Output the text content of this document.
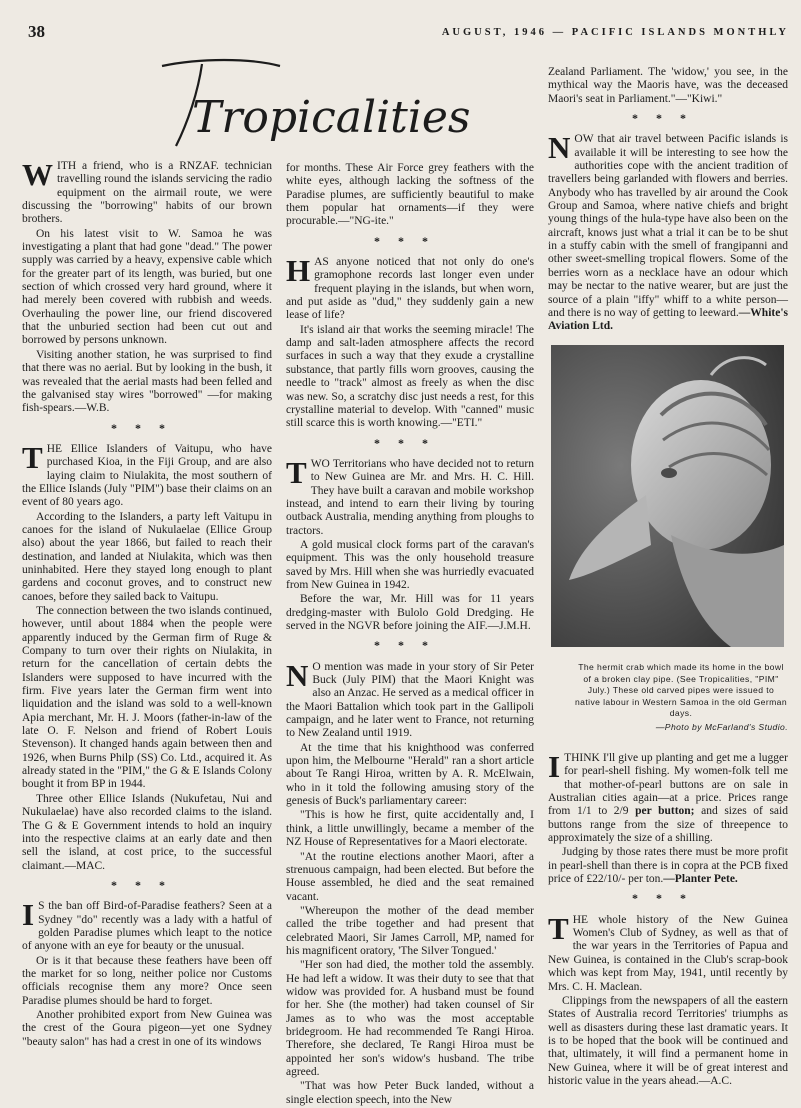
38	AUGUST, 1946 — PACIFIC ISLANDS MONTHLY
Tropicalities

WITH a friend, who is a RNZAF. technician travelling round the islands servicing the radio equipment on the airmail route, we were discussing the "borrowing" habits of our brown brothers.

On his latest visit to W. Samoa he was investigating a plant that had gone "dead." The power supply was carried by a heavy, expensive cable which for the greater part of its length, was buried, but one section of which crossed very hard ground, where it had merely been covered with rubbish and weeds. Overhauling the power line, our friend discovered that the unburied section had been cut out and borrowed by persons unknown.

Visiting another station, he was surprised to find that there was no aerial. But by looking in the bush, it was revealed that the aerial masts had been felled and the galvanised stay wires "borrowed" —for making fish-spears.—W.B.

***

THE Ellice Islanders of Vaitupu, who have purchased Kioa, in the Fiji Group, and are also laying claim to Niulakita, the most southern of the Ellice Islands (July "PIM") base their claims on an event of 80 years ago.

According to the Islanders, a party left Vaitupu in canoes for the island of Nukulaelae (Ellice Group also) about the year 1866, but failed to reach their destination, and landed at Niulakita, which was then uninhabited. Here they stayed long enough to plant gardens and coconut groves, and to construct new canoes, before they sailed back to Vaitupu.

The connection between the two islands continued, however, until about 1884 when the people were apparently induced by the German firm of Ruge & Company to turn over their rights on Niulakita, in return for the cancellation of certain debts the Islanders were supposed to have incurred with the firm. Five years later the German firm went into liquidation and the island was sold to a well-known Apia merchant, Mr. H. J. Moors (father-in-law of the late O. F. Nelson and friend of Robert Louis Stevenson). It changed hands again between then and 1926, when Burns Philp (SS) Co. Ltd., acquired it. As already stated in the "PIM," the G & E Islands Colony bought it from BP in 1944.

Three other Ellice Islands (Nukufetau, Nui and Nukulaelae) have also recorded claims to the island. The G & E Government intends to hold an inquiry into the respective claims at an early date and then sell the island, at cost price, to the successful claimant.—MAC.

***

I S the ban off Bird-of-Paradise feathers? Seen at a Sydney "do" recently was a lady with a hatful of golden Paradise plumes which leapt to the notice of anyone with an eye for beauty or the unusual.

Or is it that because these feathers have been off the market for so long, neither police nor Customs officials recognise them any more? Once seen Paradise plumes should be hard to forget.

Another prohibited export from New Guinea was the crest of the Goura pigeon—yet one Sydney "beauty salon" has had a crest in one of its windows

for months. These Air Force grey feathers with the white eyes, although lacking the softness of the Paradise plumes, are sufficiently beautiful to make them popular hat ornaments—if they were procurable.—"NG-ite."

***

HAS anyone noticed that not only do one's gramophone records last longer even under frequent playing in the islands, but when worn, and put aside as "dud," they suddenly gain a new lease of life?

It's island air that works the seeming miracle! The damp and salt-laden atmosphere affects the record surfaces in such a way that they exude a crystalline substance, that partly fills worn grooves, causing the needle to "track" almost as freely as when the disc was new. So, a scratchy disc just needs a rest, for this crystalline material to develop. With "canned" music still scarce this is worth knowing.—"ETI."

***

TWO Territorians who have decided not to return to New Guinea are Mr. and Mrs. H. C. Hill. They have built a caravan and mobile workshop instead, and intend to earn their living by touring outback Australia, mending anything from ploughs to tractors.

A gold musical clock forms part of the caravan's equipment. This was the only household treasure saved by Mrs. Hill when she was hurriedly evacuated from New Guinea in 1942.

Before the war, Mr. Hill was for 11 years dredging-master with Bulolo Gold Dredging. He served in the NGVR before joining the AIF.—J.M.H.

***

N O mention was made in your story of Sir Peter Buck (July PIM) that the Maori Knight was also an Anzac. He served as a medical officer in the Maori Battalion which took part in the Gallipoli campaign, and he later went to France, not returning to New Zealand until 1919.

At the time that his knighthood was conferred upon him, the Melbourne "Herald" ran a short article about Te Rangi Hiroa, written by A. R. McElwain, who in it told the following amusing story of the genesis of Buck's parliamentary career:

"This is how he first, quite accidentally and, I think, a little unwillingly, became a member of the NZ House of Representatives for a Maori electorate.

"At the routine elections another Maori, after a strenuous campaign, had been elected. But before the House assembled, he died and the seat remained vacant.

"Whereupon the mother of the dead member called the tribe together and had present that celebrated Maori, Sir James Carroll, MP, named for his magnificent oratory, 'The Silver Tongued.'

"Her son had died, the mother told the assembly. He had left a widow. It was their duty to see that that widow was provided for. A husband must be found for her. She (the mother) had taken counsel of Sir James as to who was the most acceptable bridegroom. He had recommended Te Rangi Hiroa. Therefore, she declared, Te Rangi Hiroa must be appointed her son's widow's husband. The tribe agreed.

"That was how Peter Buck landed, without a single election speech, into the New

Zealand Parliament. The 'widow,' you see, in the mythical way the Maoris have, was the deceased Maori's seat in Parliament."—"Kiwi."

***

NOW that air travel between Pacific islands is available it will be interesting to see how the authorities cope with the ancient tradition of travellers being garlanded with flowers and berries. Anybody who has travelled by air around the Cook Group and Samoa, where native chiefs and bright young things of the hula-type have also been on the aircraft, knows just what a trial it can be to be shut in a stuffy cabin with the smell of frangipanni and other sweet-smelling tropical flowers. Some of the berries worn as a necklace have an odour which may be nectar to the native wearer, but are just the source of a plain "iffy" whiff to a white person—and there is no way of getting to leeward.—White's Aviation Ltd.

The hermit crab which made its home in the bowl of a broken clay pipe. (See Tropicalities, "PIM" July.) These old carved pipes were issued to native labour in Western Samoa in the old German days.
—Photo by McFarland's Studio.

I THINK I'll give up planting and get me a lugger for pearl-shell fishing. My women-folk tell me that mother-of-pearl buttons are on sale in Australian cities again—at a price. Prices range from 1/1 to 2/9 per button; and sizes of said buttons range from the size of threepence to approximately the size of a shilling.

Judging by those rates there must be more profit in pearl-shell than there is in copra at the PCB fixed price of £22/10/- per ton.—Planter Pete.

***

THE whole history of the New Guinea Women's Club of Sydney, as well as that of the war years in the Territories of Papua and New Guinea, is contained in the Club's scrap-book which was kept from May, 1941, until recently by Mrs. C. H. Maclean.

Clippings from the newspapers of all the eastern States of Australia record Territories' triumphs as well as disasters during these last dramatic years. It is to be hoped that the book will be continued and that, ultimately, it will find a permanent home in New Guinea, where it will be of great interest and historic value in the years ahead.—A.C.
